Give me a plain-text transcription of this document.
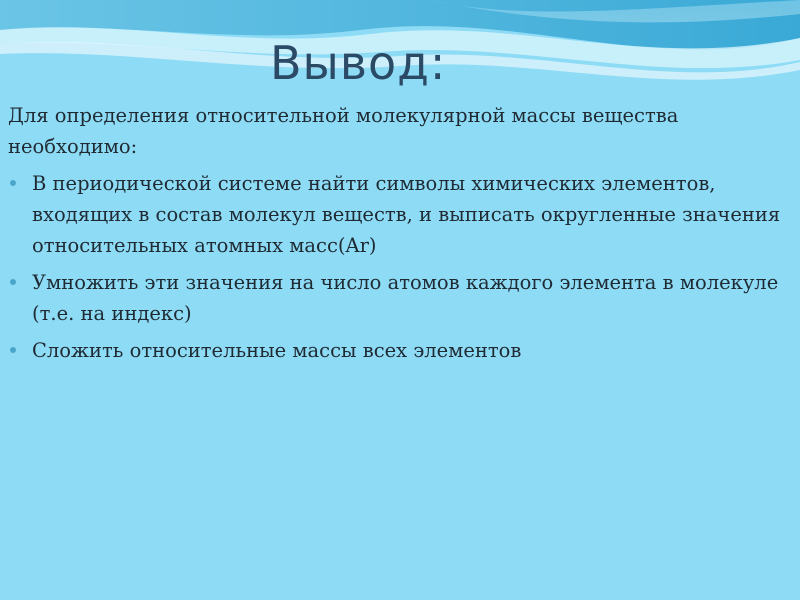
Вывод:

Для определения относительной молекулярной массы вещества необходимо:

В периодической системе найти символы химических элементов, входящих в состав молекул веществ, и выписать округленные значения относительных атомных масс(Ar)
Умножить эти значения на число атомов каждого элемента в молекуле (т.е. на индекс)
Сложить относительные массы всех элементов
